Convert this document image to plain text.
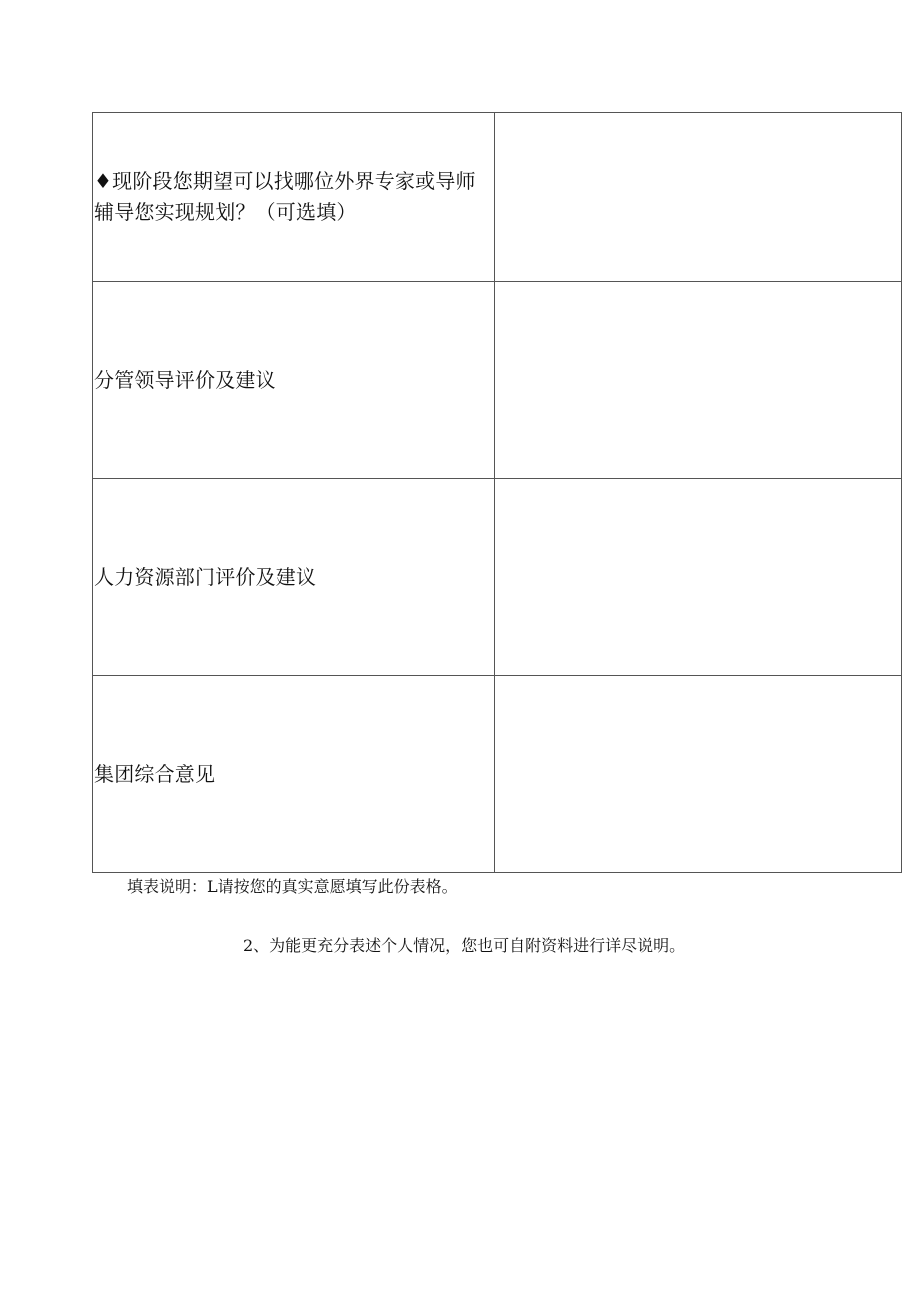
♦现阶段您期望可以找哪位外界专家或导师
辅导您实现规划？（可选填）	

分管领导评价及建议	

人力资源部门评价及建议	

集团综合意见	

填表说明：L请按您的真实意愿填写此份表格。
2、为能更充分表述个人情况，您也可自附资料进行详尽说明。
